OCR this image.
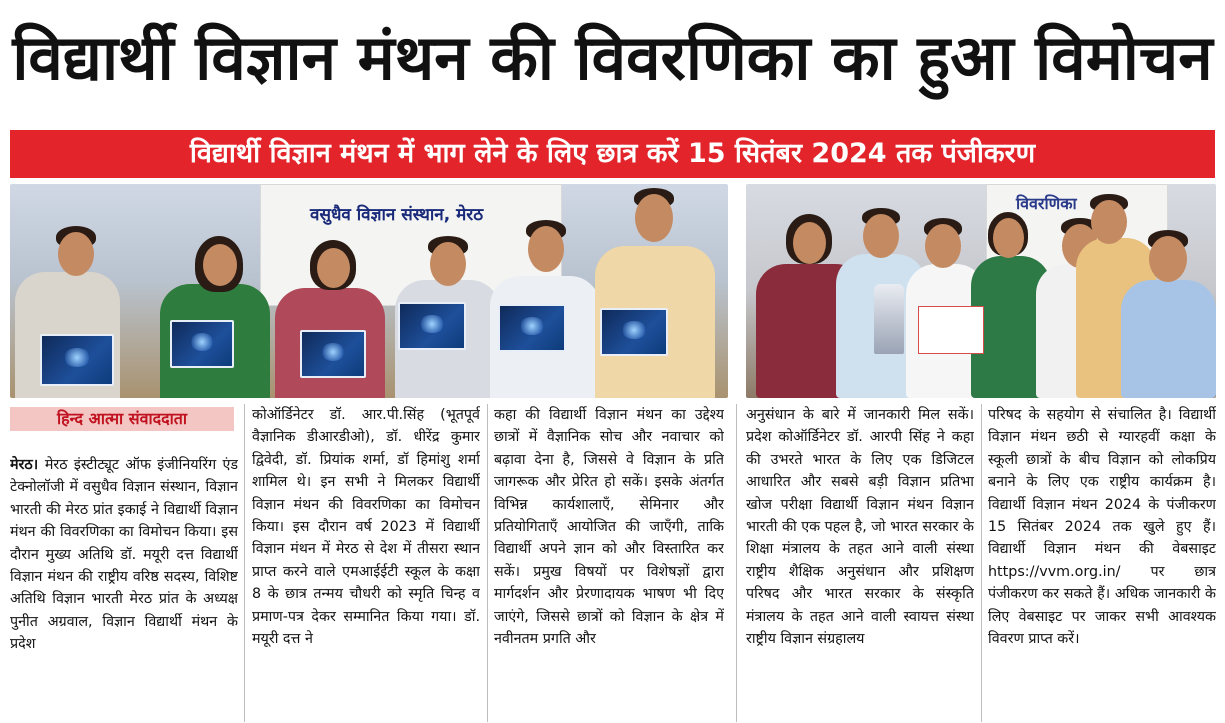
विद्यार्थी विज्ञान मंथन की विवरणिका का हुआ विमोचन
विद्यार्थी विज्ञान मंथन में भाग लेने के लिए छात्र करें 15 सितंबर 2024 तक पंजीकरण
वसुधैव विज्ञान संस्थान, मेरठ
विवरणिका
हिन्द आत्मा संवाददाता
मेरठ। मेरठ इंस्टीट्यूट ऑफ इंजीनियरिंग एंड टेक्नोलॉजी में वसुधैव विज्ञान संस्थान, विज्ञान भारती की मेरठ प्रांत इकाई ने विद्यार्थी विज्ञान मंथन की विवरणिका का विमोचन किया। इस दौरान मुख्य अतिथि डॉ. मयूरी दत्त विद्यार्थी विज्ञान मंथन की राष्ट्रीय वरिष्ठ सदस्य, विशिष्ट अतिथि विज्ञान भारती मेरठ प्रांत के अध्यक्ष पुनीत अग्रवाल, विज्ञान विद्यार्थी मंथन के प्रदेश
कोऑर्डिनेटर डॉ. आर.पी.सिंह (भूतपूर्व वैज्ञानिक डीआरडीओ), डॉ. धीरेंद्र कुमार द्विवेदी, डॉ. प्रियांक शर्मा, डॉ हिमांशु शर्मा शामिल थे। इन सभी ने मिलकर विद्यार्थी विज्ञान मंथन की विवरणिका का विमोचन किया। इस दौरान वर्ष 2023 में विद्यार्थी विज्ञान मंथन में मेरठ से देश में तीसरा स्थान प्राप्त करने वाले एमआईईटी स्कूल के कक्षा 8 के छात्र तन्मय चौधरी को स्मृति चिन्ह व प्रमाण-पत्र देकर सम्मानित किया गया। डॉ. मयूरी दत्त ने
कहा की विद्यार्थी विज्ञान मंथन का उद्देश्य छात्रों में वैज्ञानिक सोच और नवाचार को बढ़ावा देना है, जिससे वे विज्ञान के प्रति जागरूक और प्रेरित हो सकें। इसके अंतर्गत विभिन्न कार्यशालाएँ, सेमिनार और प्रतियोगिताएँ आयोजित की जाएँगी, ताकि विद्यार्थी अपने ज्ञान को और विस्तारित कर सकें। प्रमुख विषयों पर विशेषज्ञों द्वारा मार्गदर्शन और प्रेरणादायक भाषण भी दिए जाएंगे, जिससे छात्रों को विज्ञान के क्षेत्र में नवीनतम प्रगति और
अनुसंधान के बारे में जानकारी मिल सकें। प्रदेश कोऑर्डिनेटर डॉ. आरपी सिंह ने कहा की उभरते भारत के लिए एक डिजिटल आधारित और सबसे बड़ी विज्ञान प्रतिभा खोज परीक्षा विद्यार्थी विज्ञान मंथन विज्ञान भारती की एक पहल है, जो भारत सरकार के शिक्षा मंत्रालय के तहत आने वाली संस्था राष्ट्रीय शैक्षिक अनुसंधान और प्रशिक्षण परिषद और भारत सरकार के संस्कृति मंत्रालय के तहत आने वाली स्वायत्त संस्था राष्ट्रीय विज्ञान संग्रहालय
परिषद के सहयोग से संचालित है। विद्यार्थी विज्ञान मंथन छठी से ग्यारहवीं कक्षा के स्कूली छात्रों के बीच विज्ञान को लोकप्रिय बनाने के लिए एक राष्ट्रीय कार्यक्रम है। विद्यार्थी विज्ञान मंथन 2024 के पंजीकरण 15 सितंबर 2024 तक खुले हुए हैं। विद्यार्थी विज्ञान मंथन की वेबसाइट https://vvm.org.in/ पर छात्र पंजीकरण कर सकते हैं। अधिक जानकारी के लिए वेबसाइट पर जाकर सभी आवश्यक विवरण प्राप्त करें।
